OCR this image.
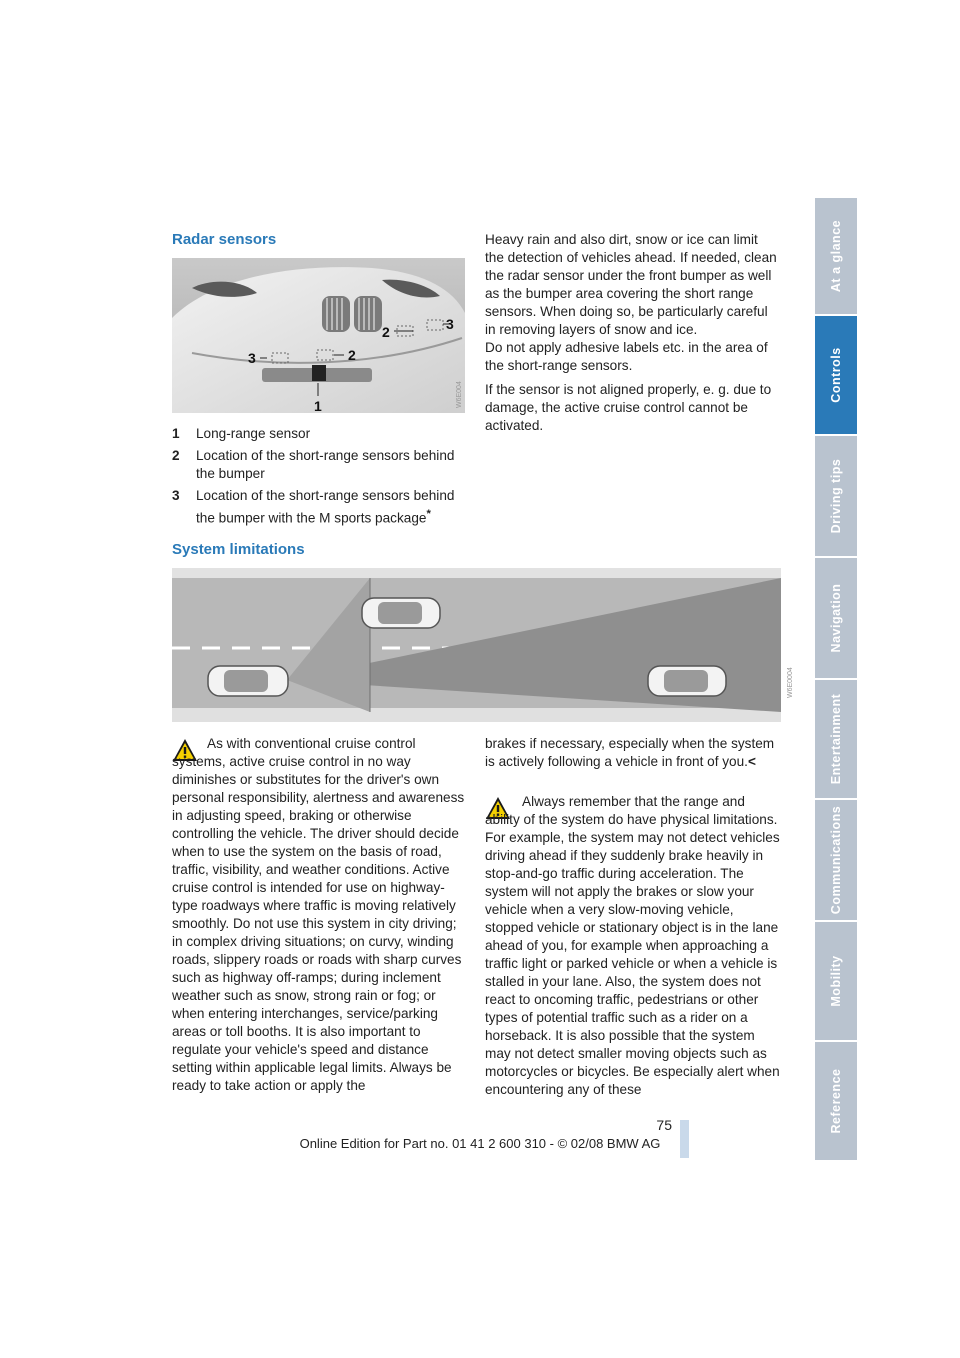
Radar sensors
1
2
2	3
3
W6E004
1 Long-range sensor
2 Location of the short-range sensors behind the bumper
3 Location of the short-range sensors behind the bumper with the M sports package*

Heavy rain and also dirt, snow or ice can limit the detection of vehicles ahead. If needed, clean the radar sensor under the front bumper as well as the bumper area covering the short range sensors. When doing so, be particularly careful in removing layers of snow and ice.

Do not apply adhesive labels etc. in the area of the short-range sensors.

If the sensor is not aligned properly, e. g. due to damage, the active cruise control cannot be activated.

System limitations
W6E0004
As with conventional cruise control systems, active cruise control in no way diminishes or substitutes for the driver's own personal responsibility, alertness and awareness in adjusting speed, braking or otherwise controlling the vehicle. The driver should decide when to use the system on the basis of road, traffic, visibility, and weather conditions. Active cruise control is intended for use on highway-type roadways where traffic is moving relatively smoothly. Do not use this system in city driving; in complex driving situations; on curvy, winding roads, slippery roads or roads with sharp curves such as highway off-ramps; during inclement weather such as snow, strong rain or fog; or when entering interchanges, service/parking areas or toll booths. It is also important to regulate your vehicle's speed and distance setting within applicable legal limits. Always be ready to take action or apply the
brakes if necessary, especially when the system is actively following a vehicle in front of you.<
Always remember that the range and ability of the system do have physical limitations. For example, the system may not detect vehicles driving ahead if they suddenly brake heavily in stop-and-go traffic during acceleration. The system will not apply the brakes or slow your vehicle when a very slow-moving vehicle, stopped vehicle or stationary object is in the lane ahead of you, for example when approaching a traffic light or parked vehicle or when a vehicle is stalled in your lane. Also, the system does not react to oncoming traffic, pedestrians or other types of potential traffic such as a rider on a horseback. It is also possible that the system may not detect smaller moving objects such as motorcycles or bicycles. Be especially alert when encountering any of these
At a glance
Controls
Driving tips
Navigation
Entertainment
Communications
Mobility
Reference
75
Online Edition for Part no. 01 41 2 600 310 - © 02/08 BMW AG
